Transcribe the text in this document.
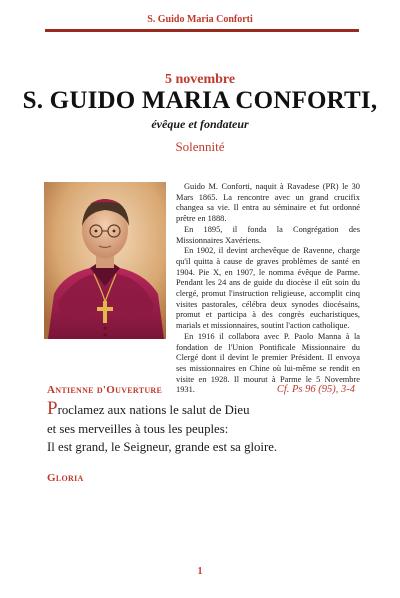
S. Guido Maria Conforti
5 novembre
S. GUIDO MARIA CONFORTI,
évêque et fondateur
Solennité

Guido M. Conforti, naquit à Ravadese (PR) le 30 Mars 1865. La rencontre avec un grand crucifix changea sa vie. Il entra au séminaire et fut ordonné prêtre en 1888.

En 1895, il fonda la Congrégation des Missionnaires Xavériens.

En 1902, il devint archevêque de Ravenne, charge qu'il quitta à cause de graves problèmes de santé en 1904. Pie X, en 1907, le nomma évêque de Parme. Pendant les 24 ans de guide du diocèse il eût soin du clergé, promut l'instruction religieuse, accomplit cinq visites pastorales, célébra deux synodes diocésains, promut et participa à des congrès eucharistiques, marials et missionnaires, soutint l'action catholique.

En 1916 il collabora avec P. Paolo Manna à la fondation de l'Union Pontificale Missionnaire du Clergé dont il devint le premier Président. Il envoya ses missionnaires en Chine où lui-même se rendit en visite en 1928. Il mourut à Parme le 5 Novembre 1931.

Antienne d'Ouverture	Cf. Ps 96 (95), 3-4
Proclamez aux nations le salut de Dieu
et ses merveilles à tous les peuples:
Il est grand, le Seigneur, grande est sa gloire.
Gloria
1
